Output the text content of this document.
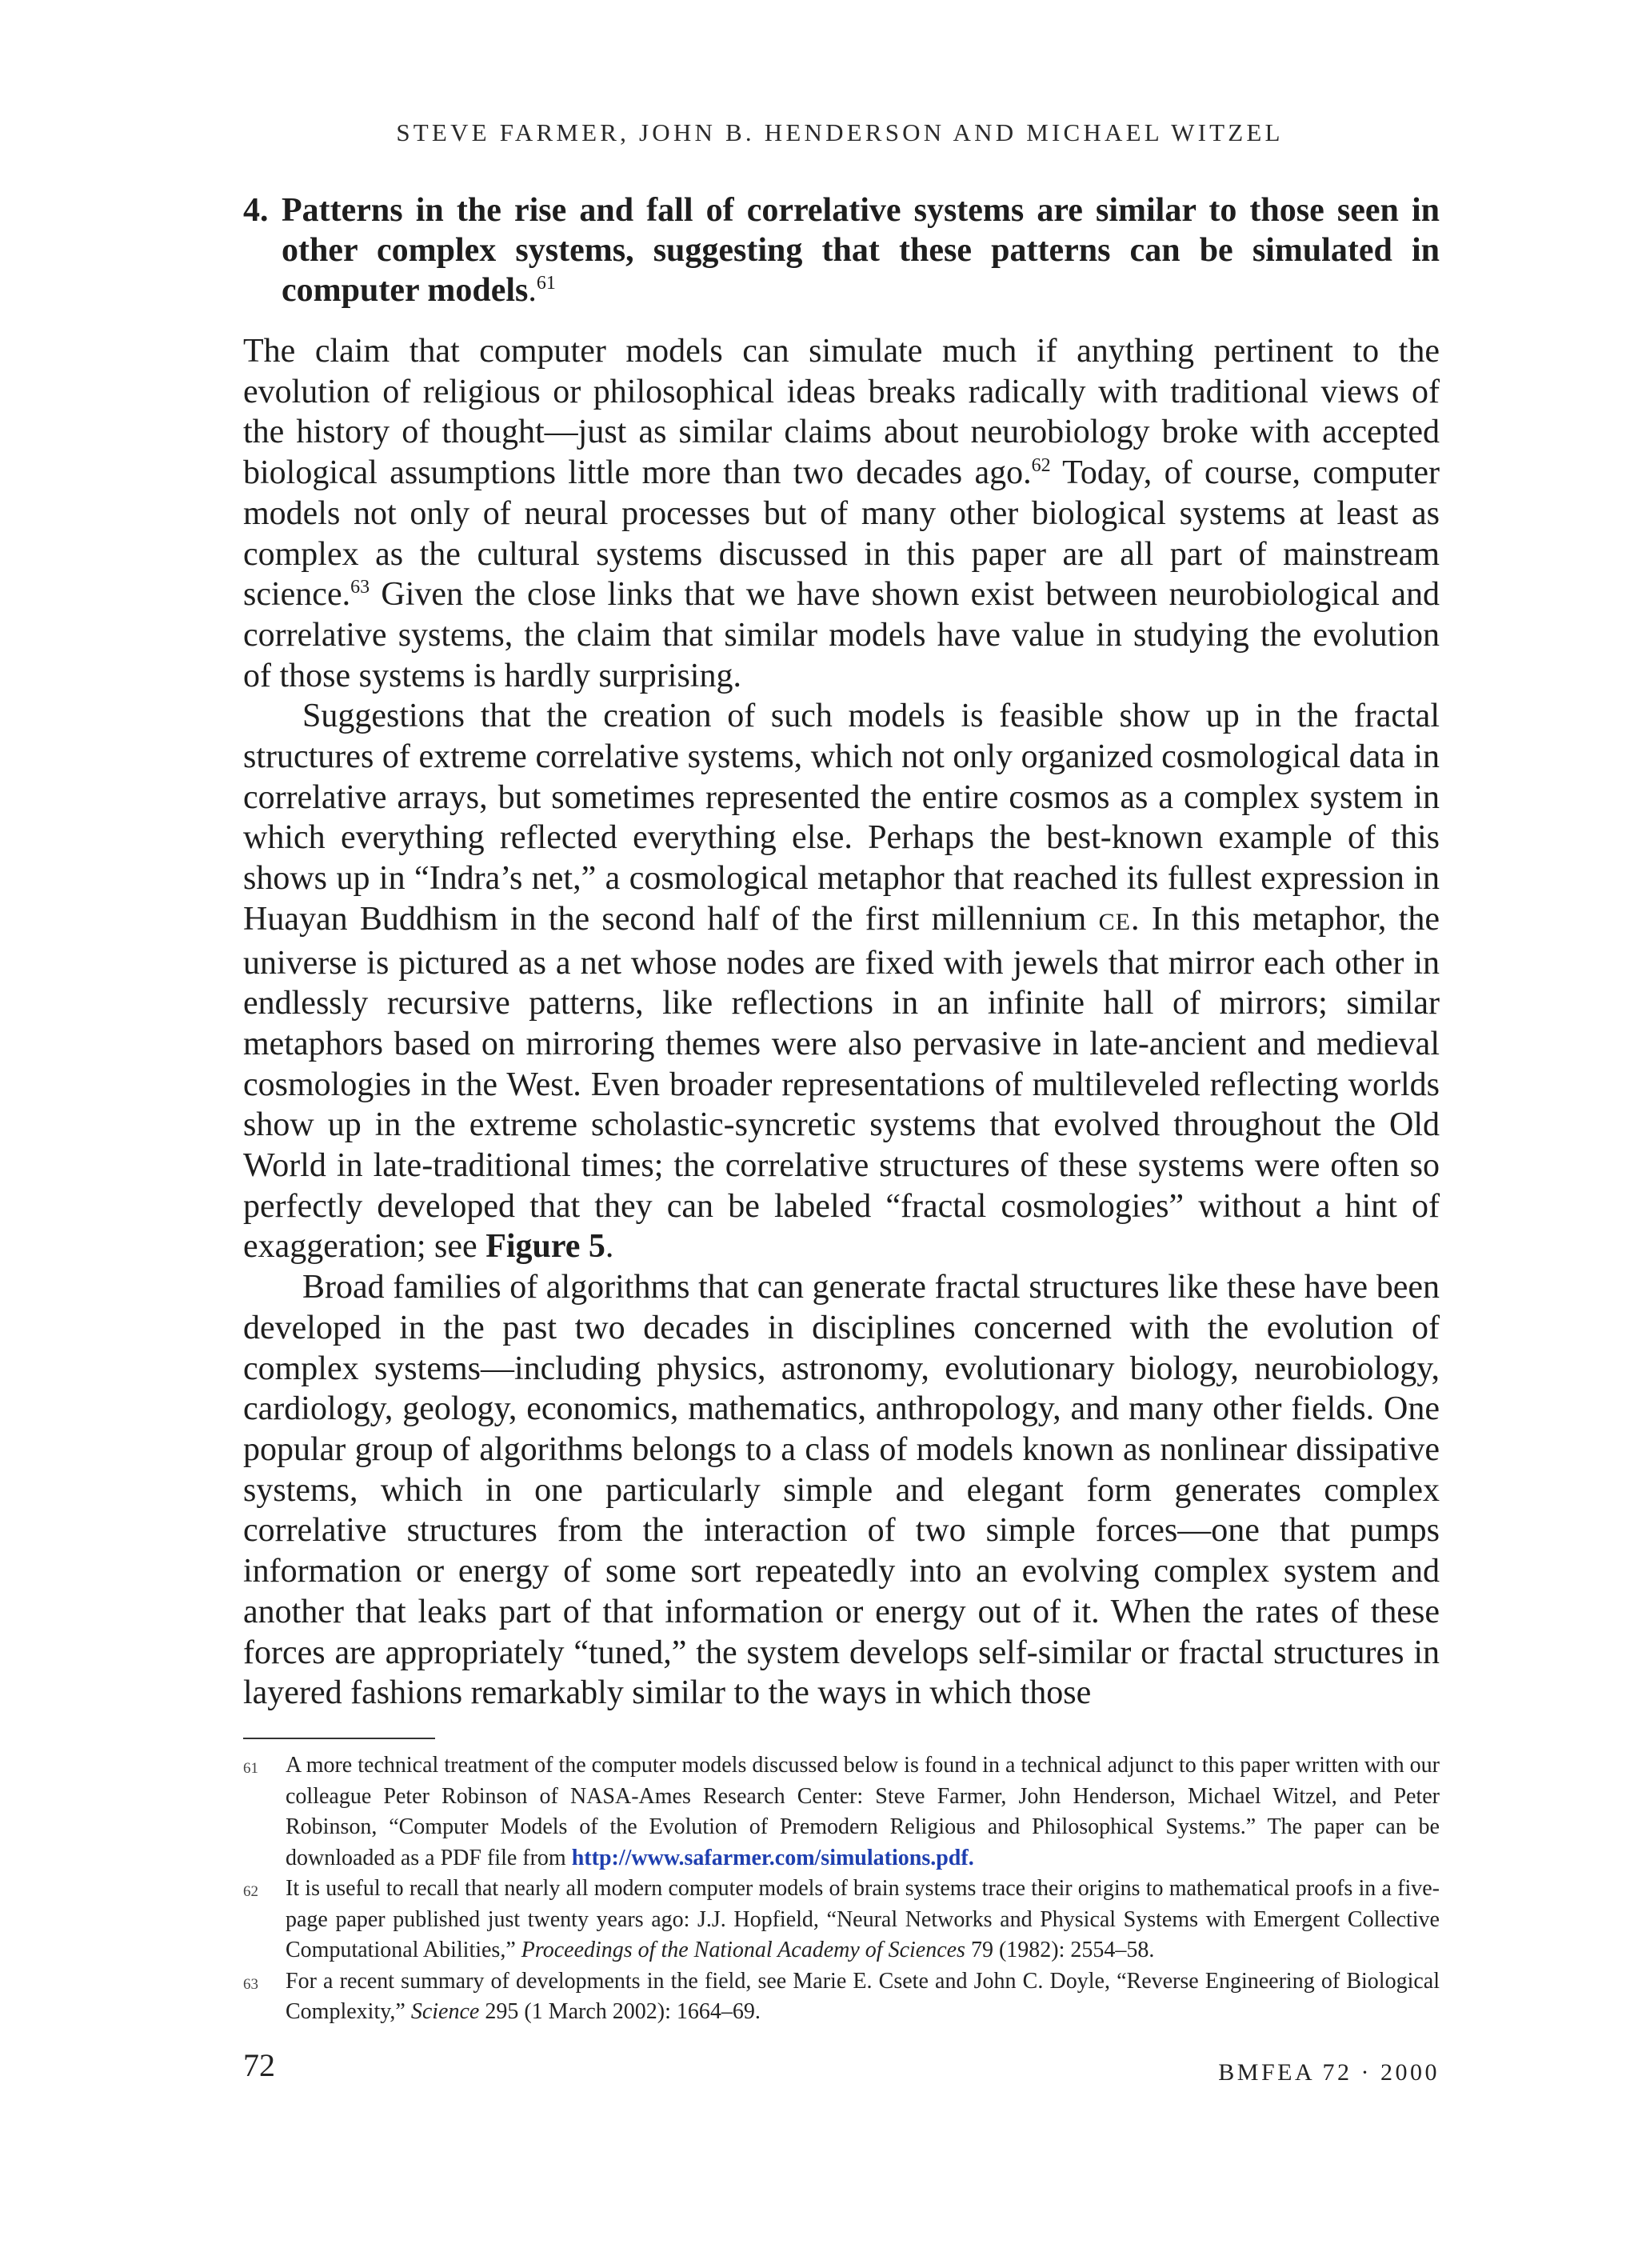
STEVE FARMER, JOHN B. HENDERSON AND MICHAEL WITZEL
4. Patterns in the rise and fall of correlative systems are similar to those seen in other complex systems, suggesting that these patterns can be simulated in computer models.$^{61}$

The claim that computer models can simulate much if anything pertinent to the evolution of religious or philosophical ideas breaks radically with traditional views of the history of thought—just as similar claims about neurobiology broke with accepted biological assumptions little more than two decades ago.$^{62}$ Today, of course, computer models not only of neural processes but of many other biological systems at least as complex as the cultural systems discussed in this paper are all part of mainstream science.$^{63}$ Given the close links that we have shown exist between neurobiological and correlative systems, the claim that similar models have value in studying the evolution of those systems is hardly surprising.

Suggestions that the creation of such models is feasible show up in the fractal structures of extreme correlative systems, which not only organized cosmological data in correlative arrays, but sometimes represented the entire cosmos as a complex system in which everything reflected everything else. Perhaps the best-known example of this shows up in “Indra’s net,” a cosmological metaphor that reached its fullest expression in Huayan Buddhism in the second half of the first millennium CE. In this metaphor, the universe is pictured as a net whose nodes are fixed with jewels that mirror each other in endlessly recursive patterns, like reflections in an infinite hall of mirrors; similar metaphors based on mirroring themes were also pervasive in late-ancient and medieval cosmologies in the West. Even broader representations of multileveled reflecting worlds show up in the extreme scholastic-syncretic systems that evolved throughout the Old World in late-traditional times; the correlative structures of these systems were often so perfectly developed that they can be labeled “fractal cosmologies” without a hint of exaggeration; see Figure 5.

Broad families of algorithms that can generate fractal structures like these have been developed in the past two decades in disciplines concerned with the evolution of complex systems—including physics, astronomy, evolutionary biology, neurobiology, cardiology, geology, economics, mathematics, anthropology, and many other fields. One popular group of algorithms belongs to a class of models known as nonlinear dissipative systems, which in one particularly simple and elegant form generates complex correlative structures from the interaction of two simple forces—one that pumps information or energy of some sort repeatedly into an evolving complex system and another that leaks part of that information or energy out of it. When the rates of these forces are appropriately “tuned,” the system develops self-similar or fractal structures in layered fashions remarkably similar to the ways in which those

61 A more technical treatment of the computer models discussed below is found in a technical adjunct to this paper written with our colleague Peter Robinson of NASA-Ames Research Center: Steve Farmer, John Henderson, Michael Witzel, and Peter Robinson, “Computer Models of the Evolution of Premodern Religious and Philosophical Systems.” The paper can be downloaded as a PDF file from http://www.safarmer.com/simulations.pdf.
62 It is useful to recall that nearly all modern computer models of brain systems trace their origins to mathematical proofs in a five-page paper published just twenty years ago: J.J. Hopfield, “Neural Networks and Physical Systems with Emergent Collective Computational Abilities,” Proceedings of the National Academy of Sciences 79 (1982): 2554–58.
63 For a recent summary of developments in the field, see Marie E. Csete and John C. Doyle, “Reverse Engineering of Biological Complexity,” Science 295 (1 March 2002): 1664–69.
72	BMFEA 72 · 2000
